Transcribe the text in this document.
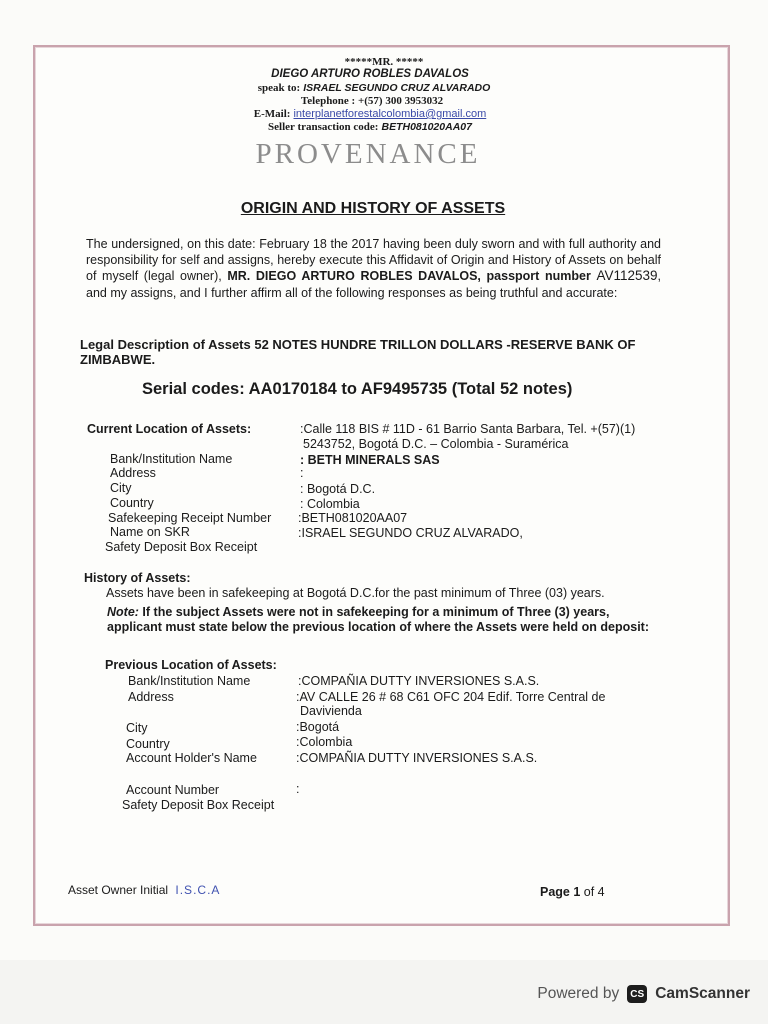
*****MR. *****
DIEGO ARTURO ROBLES DAVALOS
speak to: ISRAEL SEGUNDO CRUZ ALVARADO
Telephone : +(57) 300 3953032
E-Mail: interplanetforestalcolombia@gmail.com
Seller transaction code: BETH081020AA07
PROVENANCE
ORIGIN AND HISTORY OF ASSETS
The undersigned, on this date: February 18 the 2017 having been duly sworn and with full authority and responsibility for self and assigns, hereby execute this Affidavit of Origin and History of Assets on behalf of myself (legal owner), MR. DIEGO ARTURO ROBLES DAVALOS, passport number AV112539, and my assigns, and I further affirm all of the following responses as being truthful and accurate:
Legal Description of Assets 52 NOTES HUNDRE TRILLON DOLLARS -RESERVE BANK OF ZIMBABWE.
Serial codes: AA0170184 to AF9495735 (Total 52 notes)
Current Location of Assets:	:Calle 118 BIS # 11D - 61 Barrio Santa Barbara, Tel. +(57)(1)
5243752, Bogotá D.C. – Colombia - Suramérica
Bank/Institution Name	: BETH MINERALS SAS
Address	:
City	: Bogotá D.C.
Country	: Colombia
Safekeeping Receipt Number :BETH081020AA07
Name on SKR	:ISRAEL SEGUNDO CRUZ ALVARADO,
Safety Deposit Box Receipt
History of Assets:
Assets have been in safekeeping at Bogotá D.C.for the past minimum of Three (03) years.
Note: If the subject Assets were not in safekeeping for a minimum of Three (3) years, applicant must state below the previous location of where the Assets were held on deposit:
Previous Location of Assets:
Bank/Institution Name	:COMPAÑIA DUTTY INVERSIONES S.A.S.
Address	:AV CALLE 26 # 68 C61 OFC 204 Edif. Torre Central de
Davivienda
City	:Bogotá
Country	:Colombia
Account Holder's Name	:COMPAÑIA DUTTY INVERSIONES S.A.S.
Account Number	:
Safety Deposit Box Receipt
Asset Owner Initial I.S.C.A	Page 1 of 4
Powered by	CS CamScanner
